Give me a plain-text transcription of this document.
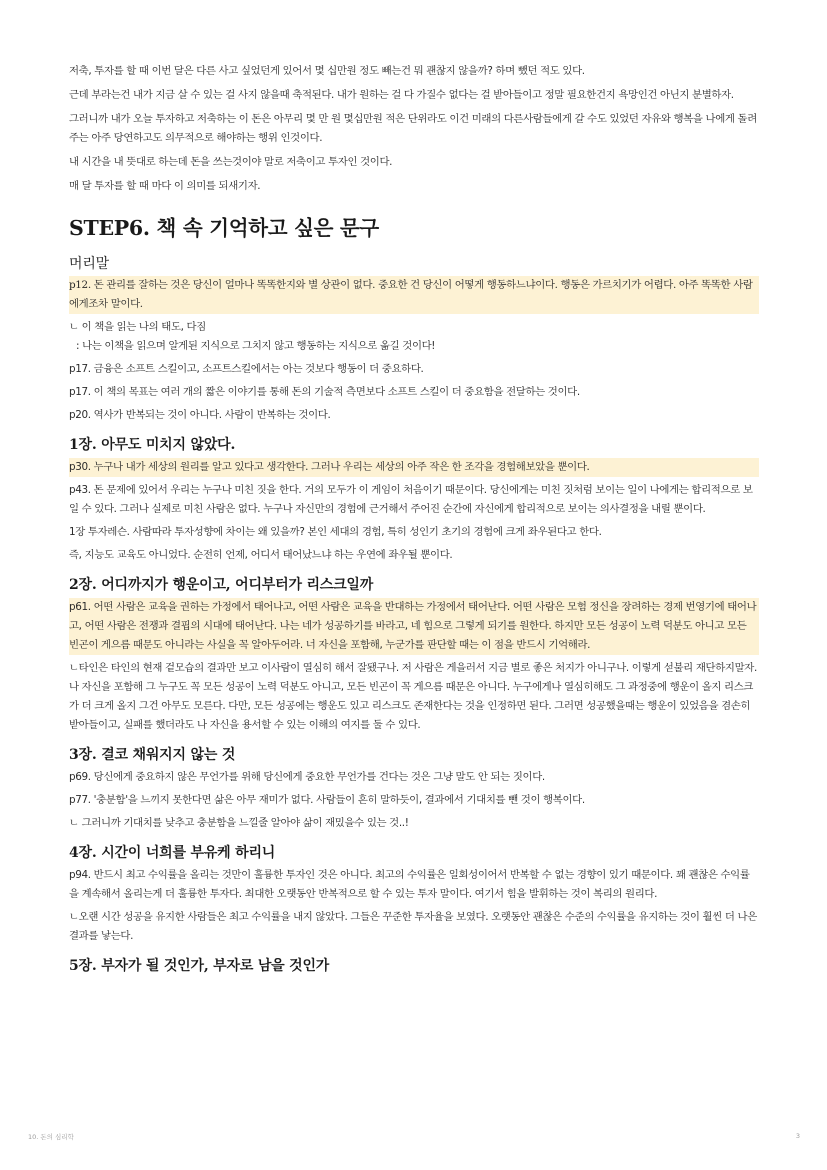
저축, 투자를 할 때 이번 달은 다른 사고 싶었던게 있어서 몇 십만원 정도 빼는건 뭐 괜찮지 않을까? 하며 뺐던 적도 있다.

근데 부라는건 내가 지금 살 수 있는 걸 사지 않을때 축적된다. 내가 원하는 걸 다 가질수 없다는 걸 받아들이고 정말 필요한건지 욕망인건 아닌지 분별하자.

그러니까 내가 오늘 투자하고 저축하는 이 돈은 아무리 몇 만 원 몇십만원 적은 단위라도 이건 미래의 다른사람들에게 갈 수도 있었던 자유와 행복을 나에게 돌려주는 아주 당연하고도 의무적으로 해야하는 행위 인것이다.

내 시간을 내 뜻대로 하는데 돈을 쓰는것이야 말로 저축이고 투자인 것이다.

매 달 투자를 할 때 마다 이 의미를 되새기자.

STEP6. 책 속 기억하고 싶은 문구
머리말

p12. 돈 관리를 잘하는 것은 당신이 얼마나 똑똑한지와 별 상관이 없다. 중요한 건 당신이 어떻게 행동하느냐이다. 행동은 가르치기가 어렵다. 아주 똑똑한 사람에게조차 말이다.

ㄴ 이 책을 읽는 나의 태도, 다짐

: 나는 이책을 읽으며 알게된 지식으로 그치지 않고 행동하는 지식으로 옮길 것이다!

p17. 금융은 소프트 스킬이고, 소프트스킬에서는 아는 것보다 행동이 더 중요하다.

p17. 이 책의 목표는 여러 개의 짧은 이야기를 통해 돈의 기술적 측면보다 소프트 스킬이 더 중요함을 전달하는 것이다.

p20. 역사가 반복되는 것이 아니다. 사람이 반복하는 것이다.

1장. 아무도 미치지 않았다.

p30. 누구나 내가 세상의 원리를 알고 있다고 생각한다. 그러나 우리는 세상의 아주 작은 한 조각을 경험해보았을 뿐이다.

p43. 돈 문제에 있어서 우리는 누구나 미친 짓을 한다. 거의 모두가 이 게임이 처음이기 때문이다. 당신에게는 미친 짓처럼 보이는 일이 나에게는 합리적으로 보일 수 있다. 그러나 실제로 미친 사람은 없다. 누구나 자신만의 경험에 근거해서 주어진 순간에 자신에게 합리적으로 보이는 의사결정을 내릴 뿐이다.

1장 투자레슨. 사람따라 투자성향에 차이는 왜 있을까? 본인 세대의 경험, 특히 성인기 초기의 경험에 크게 좌우된다고 한다.

즉, 지능도 교육도 아니었다. 순전히 언제, 어디서 태어났느냐 하는 우연에 좌우될 뿐이다.

2장. 어디까지가 행운이고, 어디부터가 리스크일까

p61. 어떤 사람은 교육을 권하는 가정에서 태어나고, 어떤 사람은 교육을 반대하는 가정에서 태어난다. 어떤 사람은 모험 정신을 장려하는 경제 번영기에 태어나고, 어떤 사람은 전쟁과 결핍의 시대에 태어난다. 나는 네가 성공하기를 바라고, 네 힘으로 그렇게 되기를 원한다. 하지만 모든 성공이 노력 덕분도 아니고 모든 빈곤이 게으름 때문도 아니라는 사실을 꼭 알아두어라. 너 자신을 포함해, 누군가를 판단할 때는 이 점을 반드시 기억해라.

ㄴ타인은 타인의 현재 겉모습의 결과만 보고 이사람이 열심히 해서 잘됐구나. 저 사람은 게을러서 지금 별로 좋은 처지가 아니구나. 이렇게 섣불리 재단하지말자. 나 자신을 포함해 그 누구도 꼭 모든 성공이 노력 덕분도 아니고, 모든 빈곤이 꼭 게으름 때문은 아니다. 누구에게나 열심히해도 그 과정중에 행운이 올지 리스크가 더 크게 올지 그건 아무도 모른다. 다만, 모든 성공에는 행운도 있고 리스크도 존재한다는 것을 인정하면 된다. 그러면 성공했을때는 행운이 있었음을 겸손히 받아들이고, 실패를 했더라도 나 자신을 용서할 수 있는 이해의 여지를 둘 수 있다.

3장. 결코 채워지지 않는 것

p69. 당신에게 중요하지 않은 무언가를 위해 당신에게 중요한 무언가를 건다는 것은 그냥 말도 안 되는 짓이다.

p77. '충분함'을 느끼지 못한다면 삶은 아무 재미가 없다. 사람들이 흔히 말하듯이, 결과에서 기대치를 뺀 것이 행복이다.

ㄴ 그러니까 기대치를 낮추고 충분함을 느낄줄 알아야 삶이 재밌을수 있는 것..!

4장. 시간이 너희를 부유케 하리니

p94. 반드시 최고 수익률을 올리는 것만이 훌륭한 투자인 것은 아니다. 최고의 수익률은 일회성이어서 반복할 수 없는 경향이 있기 때문이다. 꽤 괜찮은 수익률을 계속해서 올리는게 더 훌륭한 투자다. 최대한 오랫동안 반복적으로 할 수 있는 투자 말이다. 여기서 힘을 발휘하는 것이 복리의 원리다.

ㄴ오랜 시간 성공을 유지한 사람들은 최고 수익률을 내지 않았다. 그들은 꾸준한 투자율을 보였다. 오랫동안 괜찮은 수준의 수익률을 유지하는 것이 훨씬 더 나은 결과를 낳는다.

5장. 부자가 될 것인가, 부자로 남을 것인가
10. 돈의 심리학	3
